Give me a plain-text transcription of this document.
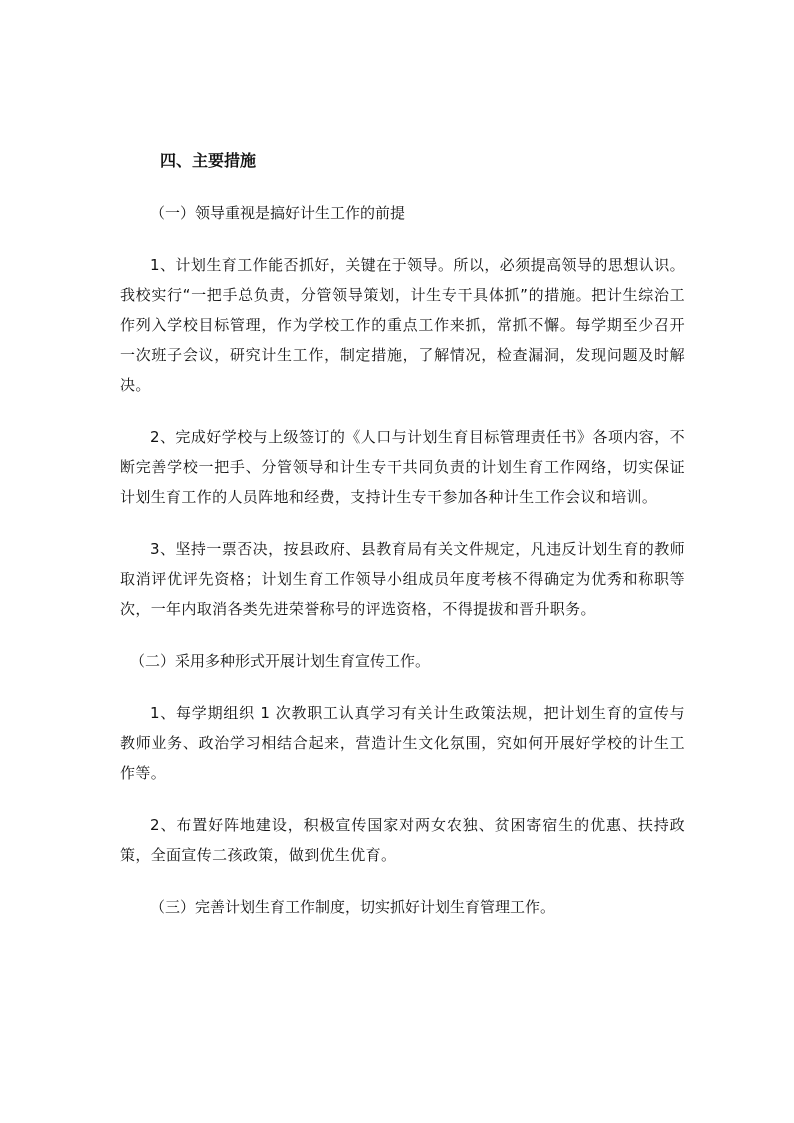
四、主要措施
（一）领导重视是搞好计生工作的前提

1、计划生育工作能否抓好，关键在于领导。所以，必须提高领导的思想认识。我校实行“一把手总负责，分管领导策划，计生专干具体抓”的措施。把计生综治工作列入学校目标管理，作为学校工作的重点工作来抓，常抓不懈。每学期至少召开一次班子会议，研究计生工作，制定措施，了解情况，检查漏洞，发现问题及时解决。

2、完成好学校与上级签订的《人口与计划生育目标管理责任书》各项内容，不断完善学校一把手、分管领导和计生专干共同负责的计划生育工作网络，切实保证计划生育工作的人员阵地和经费，支持计生专干参加各种计生工作会议和培训。

3、坚持一票否决，按县政府、县教育局有关文件规定，凡违反计划生育的教师取消评优评先资格；计划生育工作领导小组成员年度考核不得确定为优秀和称职等次，一年内取消各类先进荣誉称号的评选资格，不得提拔和晋升职务。

（二）采用多种形式开展计划生育宣传工作。

1、每学期组织 1 次教职工认真学习有关计生政策法规，把计划生育的宣传与教师业务、政治学习相结合起来，营造计生文化氛围，究如何开展好学校的计生工作等。

2、布置好阵地建设，积极宣传国家对两女农独、贫困寄宿生的优惠、扶持政策，全面宣传二孩政策，做到优生优育。

（三）完善计划生育工作制度，切实抓好计划生育管理工作。
